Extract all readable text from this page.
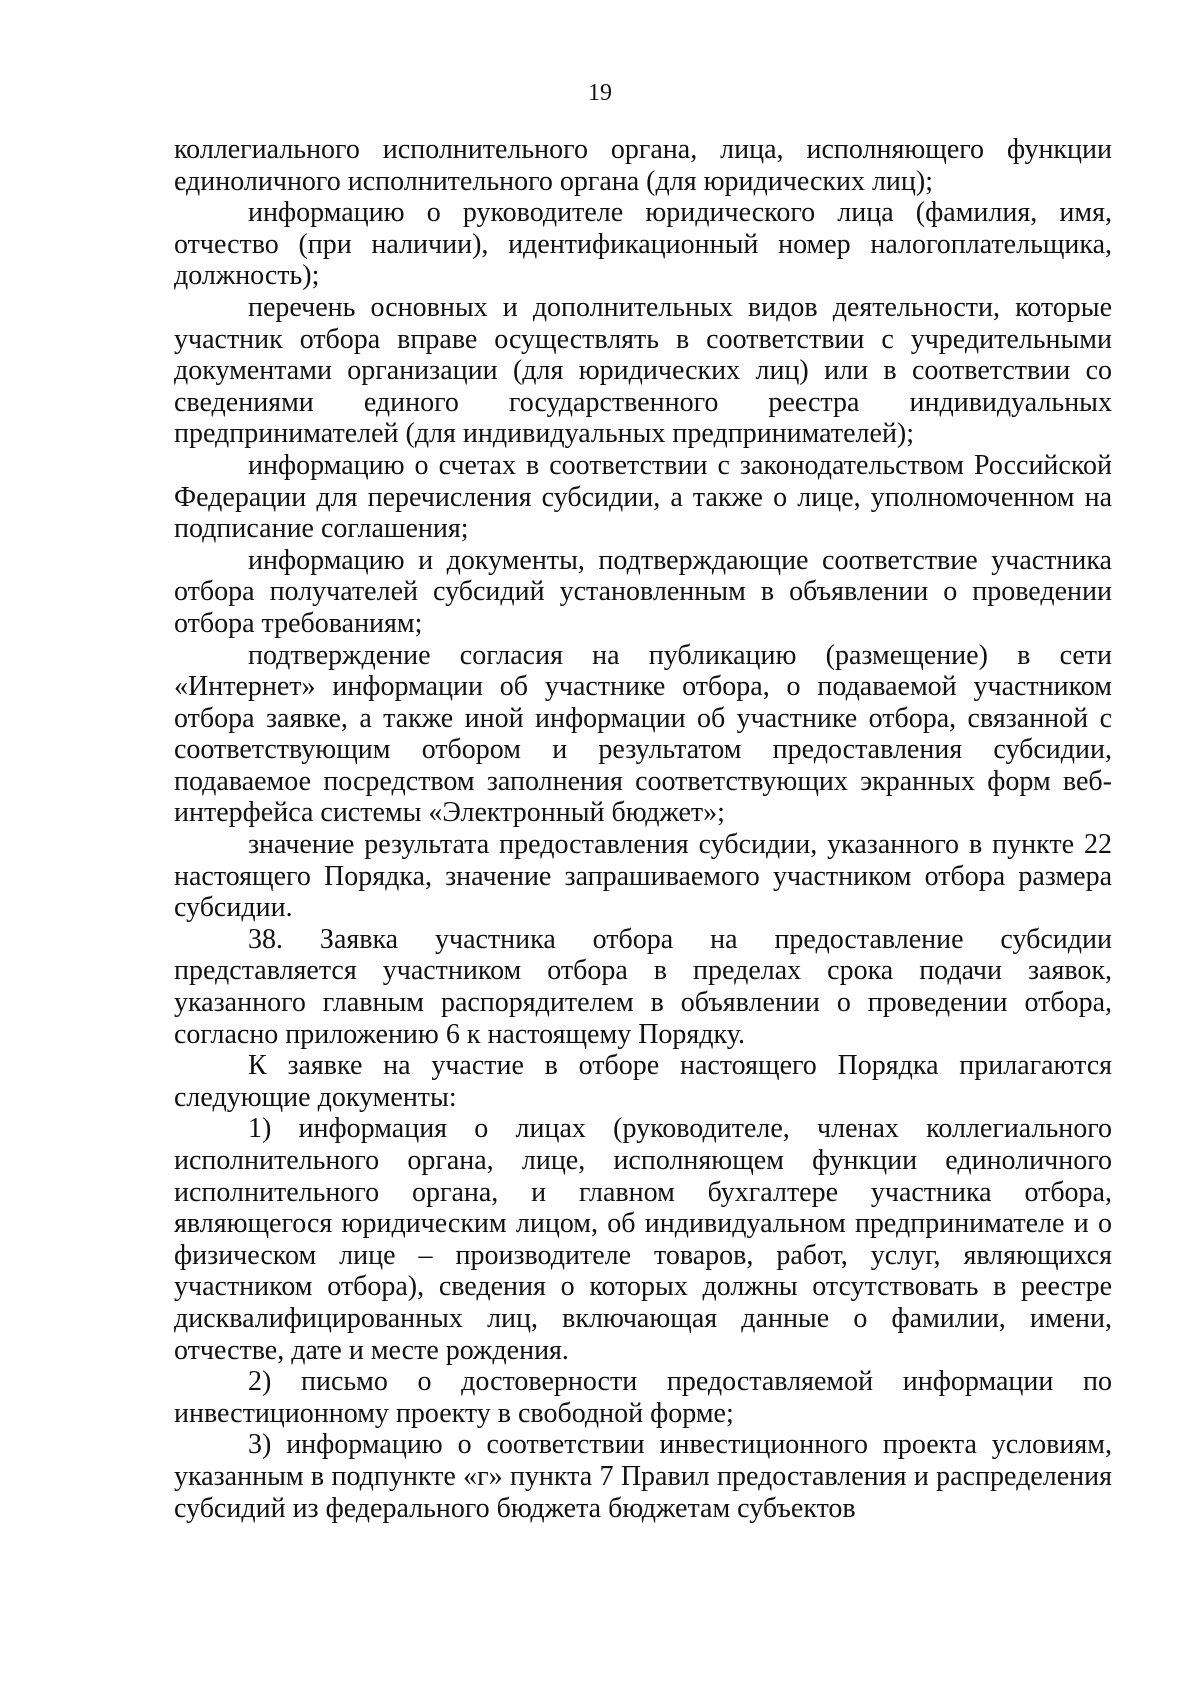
19

коллегиального исполнительного органа, лица, исполняющего функции единоличного исполнительного органа (для юридических лиц);

информацию о руководителе юридического лица (фамилия, имя, отчество (при наличии), идентификационный номер налогоплательщика, должность);

перечень основных и дополнительных видов деятельности, которые участник отбора вправе осуществлять в соответствии с учредительными документами организации (для юридических лиц) или в соответствии со сведениями единого государственного реестра индивидуальных предпринимателей (для индивидуальных предпринимателей);

информацию о счетах в соответствии с законодательством Российской Федерации для перечисления субсидии, а также о лице, уполномоченном на подписание соглашения;

информацию и документы, подтверждающие соответствие участника отбора получателей субсидий установленным в объявлении о проведении отбора требованиям;

подтверждение согласия на публикацию (размещение) в сети «Интернет» информации об участнике отбора, о подаваемой участником отбора заявке, а также иной информации об участнике отбора, связанной с соответствующим отбором и результатом предоставления субсидии, подаваемое посредством заполнения соответствующих экранных форм веб-интерфейса системы «Электронный бюджет»;

значение результата предоставления субсидии, указанного в пункте 22 настоящего Порядка, значение запрашиваемого участником отбора размера субсидии.

38. Заявка участника отбора на предоставление субсидии представляется участником отбора в пределах срока подачи заявок, указанного главным распорядителем в объявлении о проведении отбора, согласно приложению 6 к настоящему Порядку.

К заявке на участие в отборе настоящего Порядка прилагаются следующие документы:

1) информация о лицах (руководителе, членах коллегиального исполнительного органа, лице, исполняющем функции единоличного исполнительного органа, и главном бухгалтере участника отбора, являющегося юридическим лицом, об индивидуальном предпринимателе и о физическом лице – производителе товаров, работ, услуг, являющихся участником отбора), сведения о которых должны отсутствовать в реестре дисквалифицированных лиц, включающая данные о фамилии, имени, отчестве, дате и месте рождения.

2) письмо о достоверности предоставляемой информации по инвестиционному проекту в свободной форме;

3) информацию о соответствии инвестиционного проекта условиям, указанным в подпункте «г» пункта 7 Правил предоставления и распределения субсидий из федерального бюджета бюджетам субъектов
